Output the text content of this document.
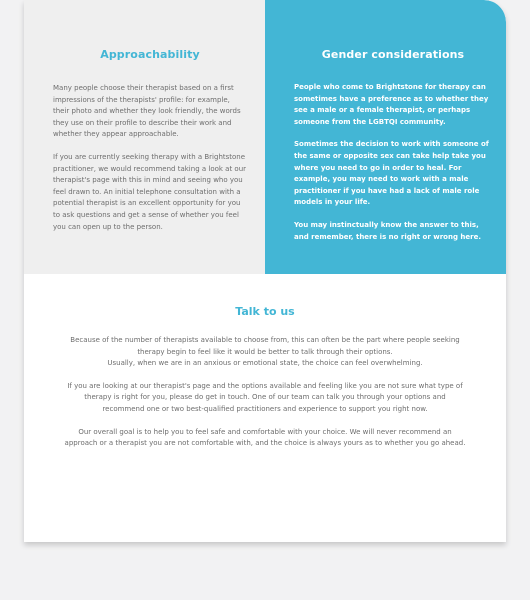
Approachability

Many people choose their therapist based on a first impressions of the therapists' profile: for example, their photo and whether they look friendly, the words they use on their profile to describe their work and whether they appear approachable.

If you are currently seeking therapy with a Brightstone practitioner, we would recommend taking a look at our therapist's page with this in mind and seeing who you feel drawn to. An initial telephone consultation with a potential therapist is an excellent opportunity for you to ask questions and get a sense of whether you feel you can open up to the person.

Gender considerations

People who come to Brightstone for therapy can sometimes have a preference as to whether they see a male or a female therapist, or perhaps someone from the LGBTQI community.

Sometimes the decision to work with someone of the same or opposite sex can take help take you where you need to go in order to heal. For example, you may need to work with a male practitioner if you have had a lack of male role models in your life.

You may instinctually know the answer to this, and remember, there is no right or wrong here.

Talk to us

Because of the number of therapists available to choose from, this can often be the part where people seeking therapy begin to feel like it would be better to talk through their options.
Usually, when we are in an anxious or emotional state, the choice can feel overwhelming.

If you are looking at our therapist's page and the options available and feeling like you are not sure what type of therapy is right for you, please do get in touch. One of our team can talk you through your options and recommend one or two best-qualified practitioners and experience to support you right now.

Our overall goal is to help you to feel safe and comfortable with your choice. We will never recommend an approach or a therapist you are not comfortable with, and the choice is always yours as to whether you go ahead.
